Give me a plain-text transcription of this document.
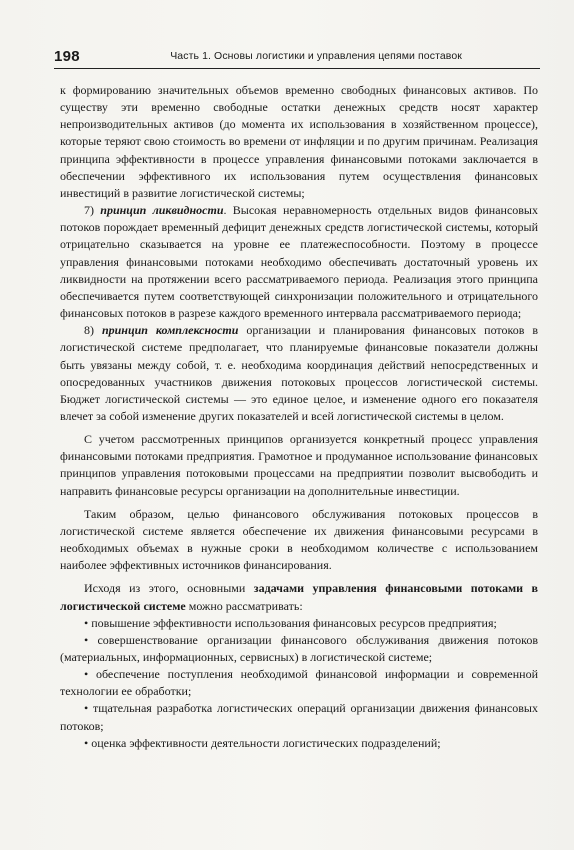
198	Часть 1. Основы логистики и управления цепями поставок

к формированию значительных объемов временно свободных финансовых активов. По существу эти временно свободные остатки денежных средств носят характер непроизводительных активов (до момента их использования в хозяйственном процессе), которые теряют свою стоимость во времени от инфляции и по другим причинам. Реализация принципа эффективности в процессе управления финансовыми потоками заключается в обеспечении эффективного их использования путем осуществления финансовых инвестиций в развитие логистической системы;

7) принцип ликвидности. Высокая неравномерность отдельных видов финансовых потоков порождает временный дефицит денежных средств логистической системы, который отрицательно сказывается на уровне ее платежеспособности. Поэтому в процессе управления финансовыми потоками необходимо обеспечивать достаточный уровень их ликвидности на протяжении всего рассматриваемого периода. Реализация этого принципа обеспечивается путем соответствующей синхронизации положительного и отрицательного финансовых потоков в разрезе каждого временного интервала рассматриваемого периода;

8) принцип комплексности организации и планирования финансовых потоков в логистической системе предполагает, что планируемые финансовые показатели должны быть увязаны между собой, т. е. необходима координация действий непосредственных и опосредованных участников движения потоковых процессов логистической системы. Бюджет логистической системы — это единое целое, и изменение одного его показателя влечет за собой изменение других показателей и всей логистической системы в целом.

С учетом рассмотренных принципов организуется конкретный процесс управления финансовыми потоками предприятия. Грамотное и продуманное использование финансовых принципов управления потоковыми процессами на предприятии позволит высвободить и направить финансовые ресурсы организации на дополнительные инвестиции.

Таким образом, целью финансового обслуживания потоковых процессов в логистической системе является обеспечение их движения финансовыми ресурсами в необходимых объемах в нужные сроки в необходимом количестве с использованием наиболее эффективных источников финансирования.

Исходя из этого, основными задачами управления финансовыми потоками в логистической системе можно рассматривать:

• повышение эффективности использования финансовых ресурсов предприятия;

• совершенствование организации финансового обслуживания движения потоков (материальных, информационных, сервисных) в логистической системе;

• обеспечение поступления необходимой финансовой информации и современной технологии ее обработки;

• тщательная разработка логистических операций организации движения финансовых потоков;

• оценка эффективности деятельности логистических подразделений;
